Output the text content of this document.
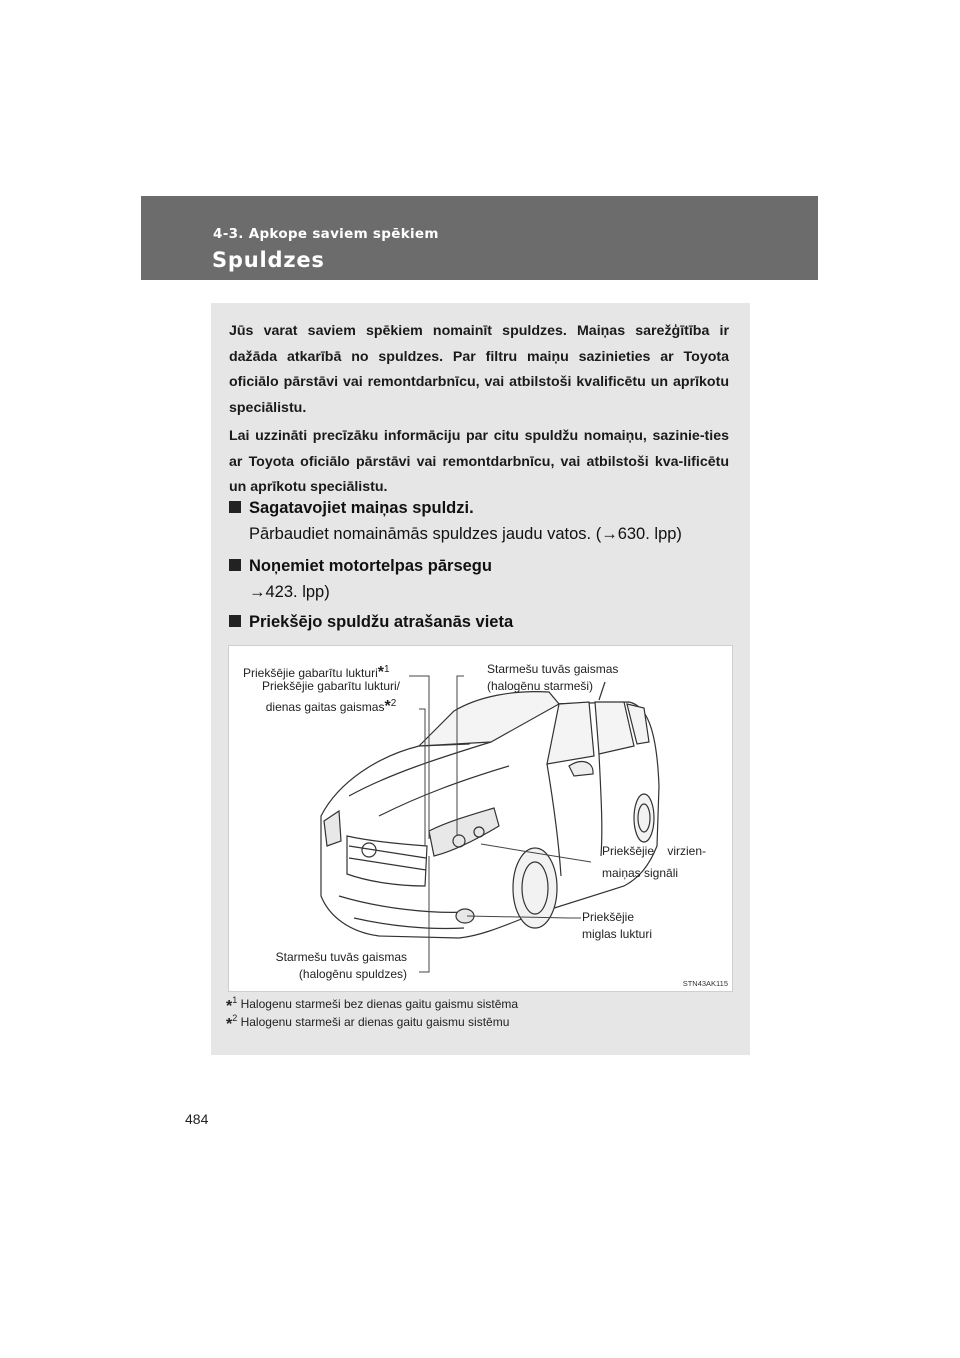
4-3. Apkope saviem spēkiem
Spuldzes
Jūs varat saviem spēkiem nomainīt spuldzes. Maiņas sarežģītība ir dažāda atkarībā no spuldzes. Par filtru maiņu sazinieties ar Toyota oficiālo pārstāvi vai remontdarbnīcu, vai atbilstoši kvalificētu un aprīkotu speciālistu.
Lai uzzināti precīzāku informāciju par citu spuldžu nomaiņu, sazinie-ties ar Toyota oficiālo pārstāvi vai remontdarbnīcu, vai atbilstoši kva-lificētu un aprīkotu speciālistu.
Sagatavojiet maiņas spuldzi.
Pārbaudiet nomaināmās spuldzes jaudu vatos. (→630. lpp)
Noņemiet motortelpas pārsegu
→423. lpp)
Priekšējo spuldžu atrašanās vieta
Priekšējie gabarītu lukturi*$^1$
Priekšējie gabarītu lukturi/
dienas gaitas gaismas*$^2$
Starmešu tuvās gaismas
(halogēnu starmeši)
Priekšējie    virzien-
maiņas signāli
Priekšējie
miglas lukturi
Starmešu tuvās gaismas
(halogēnu spuldzes)
STN43AK115
*$^1$ Halogenu starmeši bez dienas gaitu gaismu sistēma
*$^2$ Halogenu starmeši ar dienas gaitu gaismu sistēmu
484
